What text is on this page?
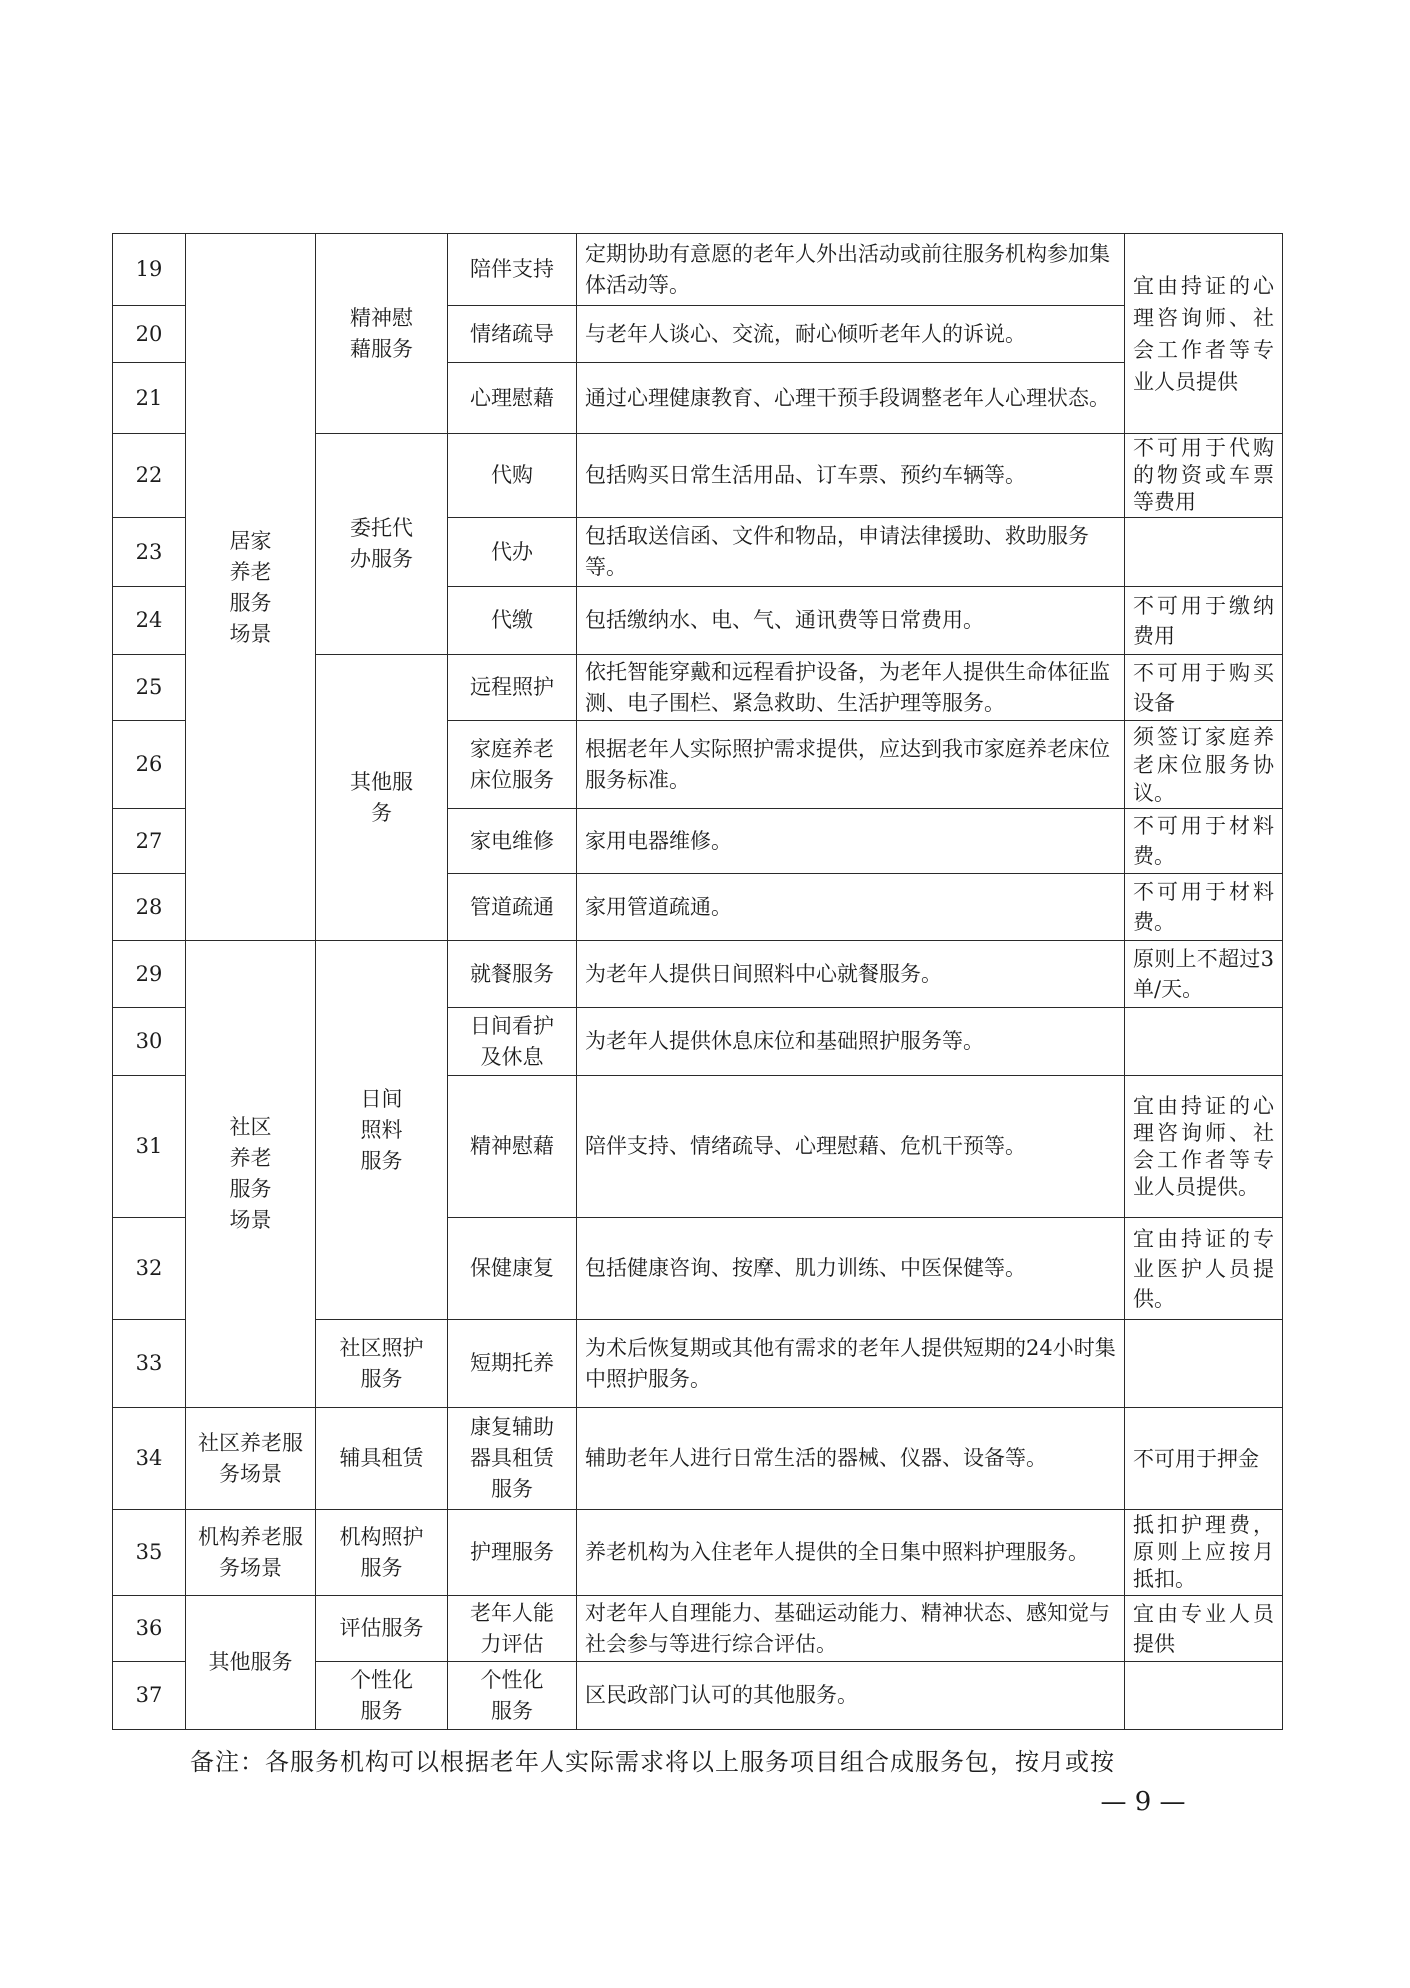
19	居家养老服务场景	精神慰藉服务	陪伴支持	定期协助有意愿的老年人外出活动或前往服务机构参加集体活动等。	宜由持证的心理咨询师、社会工作者等专业人员提供
20			情绪疏导	与老年人谈心、交流，耐心倾听老年人的诉说。	
21			心理慰藉	通过心理健康教育、心理干预手段调整老年人心理状态。	
22		委托代办服务	代购	包括购买日常生活用品、订车票、预约车辆等。	不可用于代购的物资或车票等费用
23			代办	包括取送信函、文件和物品，申请法律援助、救助服务等。	
24			代缴	包括缴纳水、电、气、通讯费等日常费用。	不可用于缴纳费用
25		其他服务	远程照护	依托智能穿戴和远程看护设备，为老年人提供生命体征监测、电子围栏、紧急救助、生活护理等服务。	不可用于购买设备
26			家庭养老床位服务	根据老年人实际照护需求提供，应达到我市家庭养老床位服务标准。	须签订家庭养老床位服务协议。
27			家电维修	家用电器维修。	不可用于材料费。
28			管道疏通	家用管道疏通。	不可用于材料费。
29	社区养老服务场景	日间照料服务	就餐服务	为老年人提供日间照料中心就餐服务。	原则上不超过3单/天。
30			日间看护及休息	为老年人提供休息床位和基础照护服务等。	
31			精神慰藉	陪伴支持、情绪疏导、心理慰藉、危机干预等。	宜由持证的心理咨询师、社会工作者等专业人员提供。
32			保健康复	包括健康咨询、按摩、肌力训练、中医保健等。	宜由持证的专业医护人员提供。
33		社区照护服务	短期托养	为术后恢复期或其他有需求的老年人提供短期的24小时集中照护服务。	
34	社区养老服务场景	辅具租赁	康复辅助器具租赁服务	辅助老年人进行日常生活的器械、仪器、设备等。	不可用于押金
35	机构养老服务场景	机构照护服务	护理服务	养老机构为入住老年人提供的全日集中照料护理服务。	抵扣护理费，原则上应按月抵扣。
36	其他服务	评估服务	老年人能力评估	对老年人自理能力、基础运动能力、精神状态、感知觉与社会参与等进行综合评估。	宜由专业人员提供
37		个性化服务	个性化服务	区民政部门认可的其他服务。	
备注：各服务机构可以根据老年人实际需求将以上服务项目组合成服务包，按月或按
— 9 —
